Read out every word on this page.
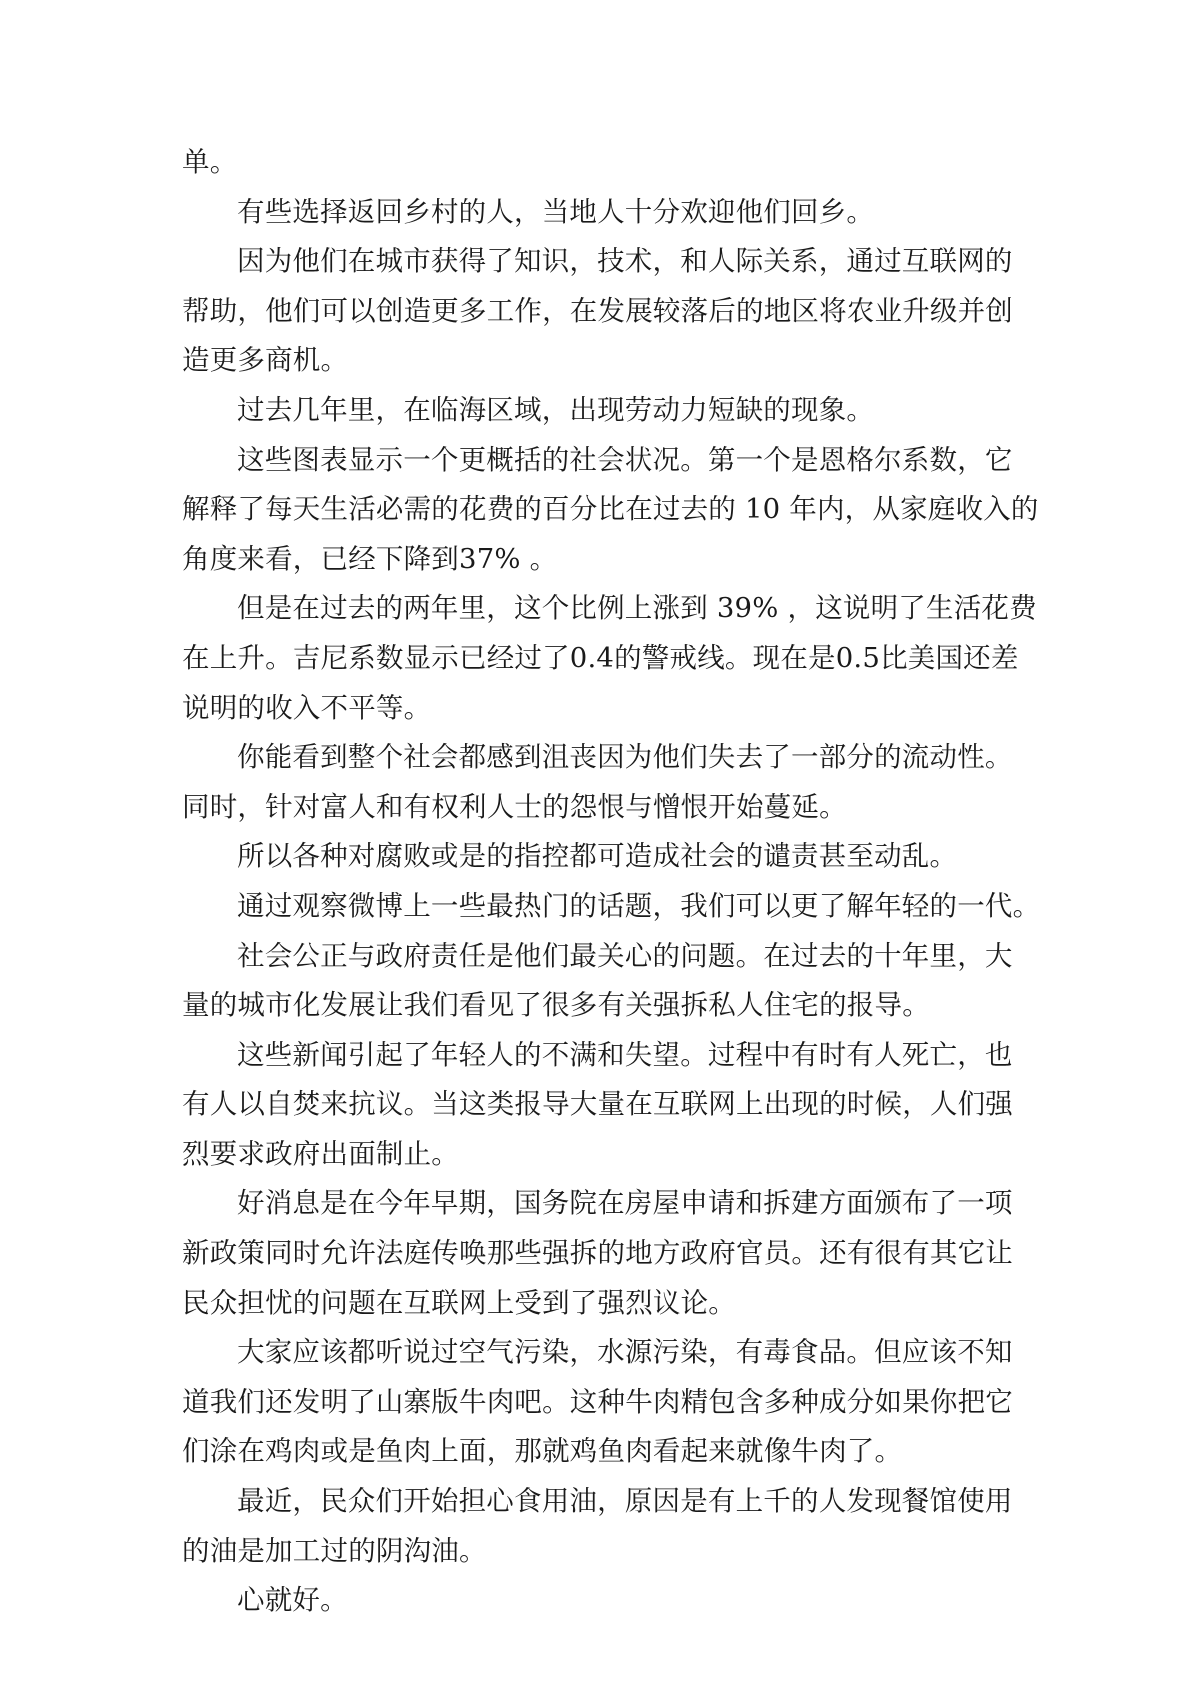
单。
有些选择返回乡村的人，当地人十分欢迎他们回乡。
因为他们在城市获得了知识，技术，和人际关系，通过互联网的
帮助，他们可以创造更多工作，在发展较落后的地区将农业升级并创
造更多商机。
过去几年里，在临海区域，出现劳动力短缺的现象。
这些图表显示一个更概括的社会状况。第一个是恩格尔系数，它
解释了每天生活必需的花费的百分比在过去的 10 年内，从家庭收入的
角度来看，已经下降到37% 。
但是在过去的两年里，这个比例上涨到 39% ，这说明了生活花费
在上升。吉尼系数显示已经过了0.4的警戒线。现在是0.5比美国还差
说明的收入不平等。
你能看到整个社会都感到沮丧因为他们失去了一部分的流动性。
同时，针对富人和有权利人士的怨恨与憎恨开始蔓延。
所以各种对腐败或是的指控都可造成社会的谴责甚至动乱。
通过观察微博上一些最热门的话题，我们可以更了解年轻的一代。
社会公正与政府责任是他们最关心的问题。在过去的十年里，大
量的城市化发展让我们看见了很多有关强拆私人住宅的报导。
这些新闻引起了年轻人的不满和失望。过程中有时有人死亡，也
有人以自焚来抗议。当这类报导大量在互联网上出现的时候，人们强
烈要求政府出面制止。
好消息是在今年早期，国务院在房屋申请和拆建方面颁布了一项
新政策同时允许法庭传唤那些强拆的地方政府官员。还有很有其它让
民众担忧的问题在互联网上受到了强烈议论。
大家应该都听说过空气污染，水源污染，有毒食品。但应该不知
道我们还发明了山寨版牛肉吧。这种牛肉精包含多种成分如果你把它
们涂在鸡肉或是鱼肉上面，那就鸡鱼肉看起来就像牛肉了。
最近，民众们开始担心食用油，原因是有上千的人发现餐馆使用
的油是加工过的阴沟油。
心就好。
